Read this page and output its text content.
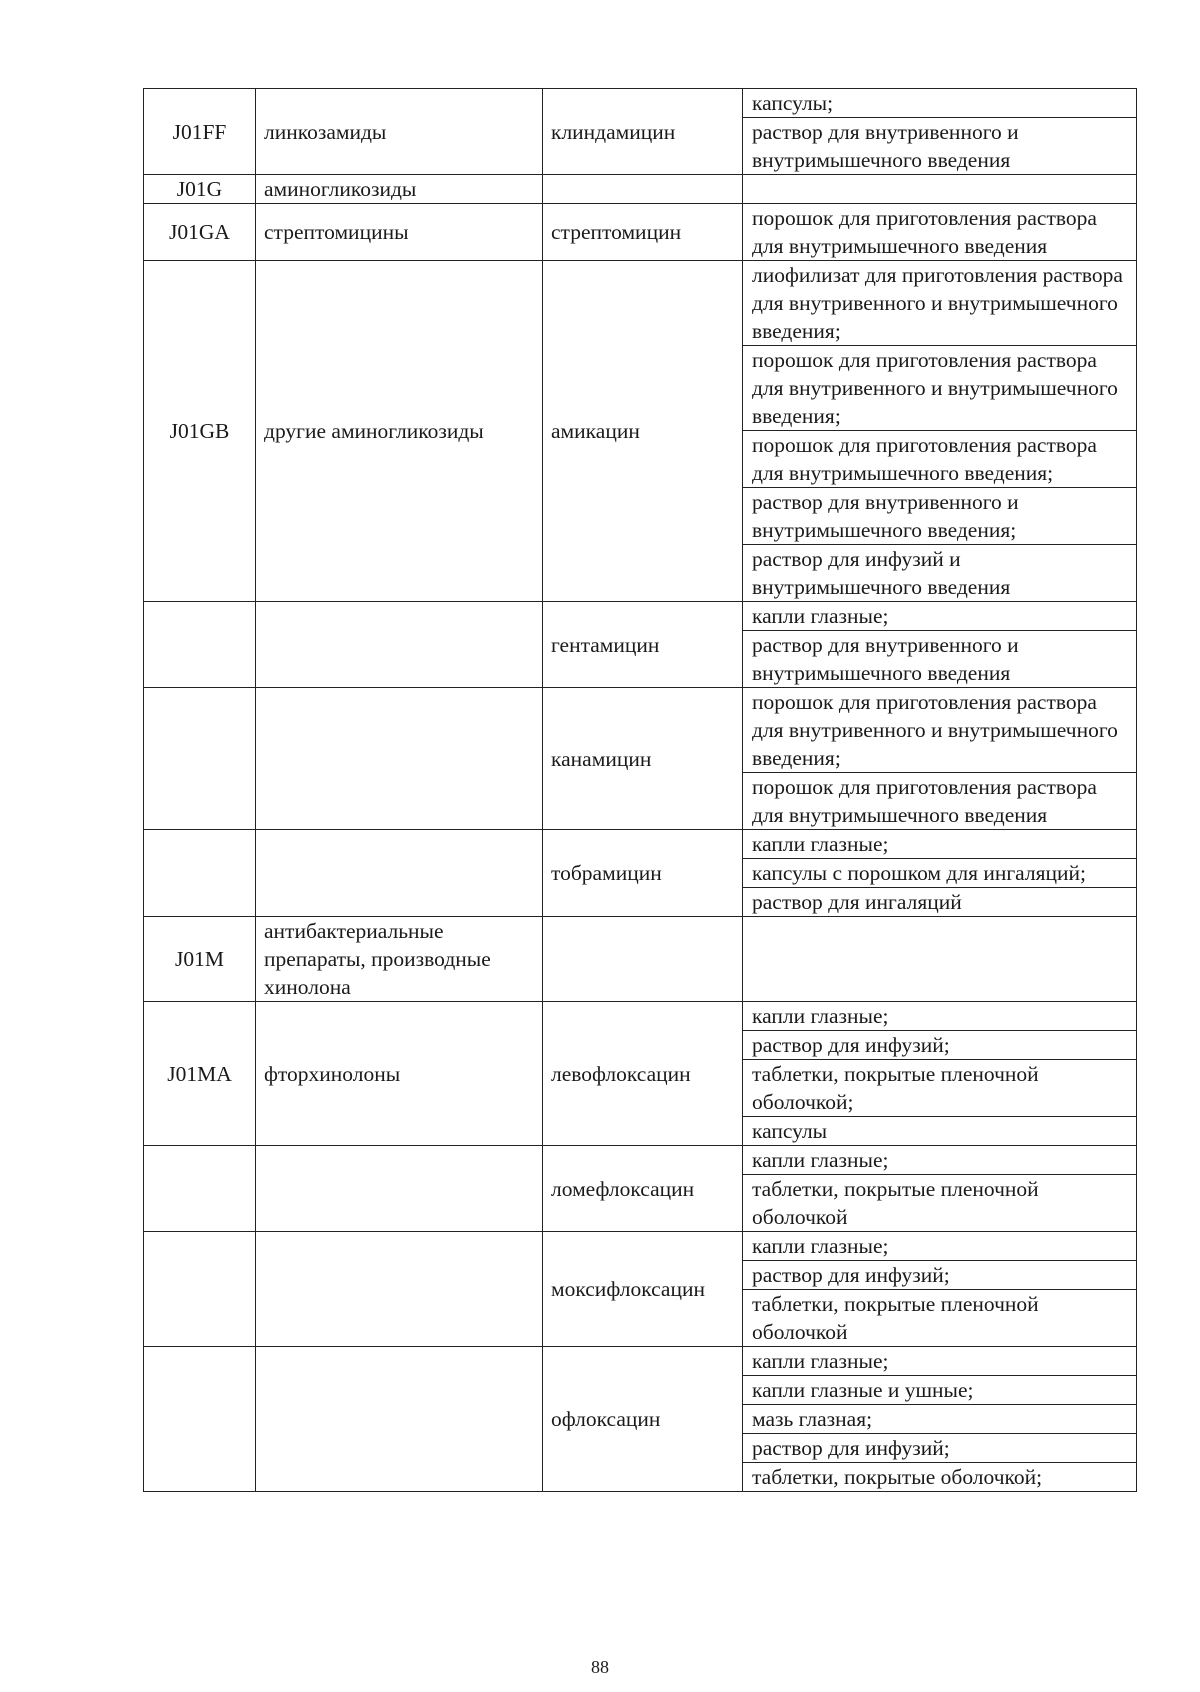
J01FF	линкозамиды	клиндамицин	капсулы;
раствор для внутривенного и внутримышечного введения

J01G	аминогликозиды		

J01GA	стрептомицины	стрептомицин	порошок для приготовления раствора для внутримышечного введения

J01GB	другие аминогликозиды	амикацин	лиофилизат для приготовления раствора для внутривенного и внутримышечного введения;
порошок для приготовления раствора для внутривенного и внутримышечного введения;
порошок для приготовления раствора для внутримышечного введения;
раствор для внутривенного и внутримышечного введения;
раствор для инфузий и внутримышечного введения

		гентамицин	капли глазные;
раствор для внутривенного и внутримышечного введения

		канамицин	порошок для приготовления раствора для внутривенного и внутримышечного введения;
порошок для приготовления раствора для внутримышечного введения

		тобрамицин	капли глазные;
капсулы с порошком для ингаляций;
раствор для ингаляций

J01M	антибактериальные препараты, производные хинолона		

J01MA	фторхинолоны	левофлоксацин	капли глазные;
раствор для инфузий;
таблетки, покрытые пленочной оболочкой;
капсулы

		ломефлоксацин	капли глазные;
таблетки, покрытые пленочной оболочкой

		моксифлоксацин	капли глазные;
раствор для инфузий;
таблетки, покрытые пленочной оболочкой

		офлоксацин	капли глазные;
капли глазные и ушные;
мазь глазная;
раствор для инфузий;
таблетки, покрытые оболочкой;
88
